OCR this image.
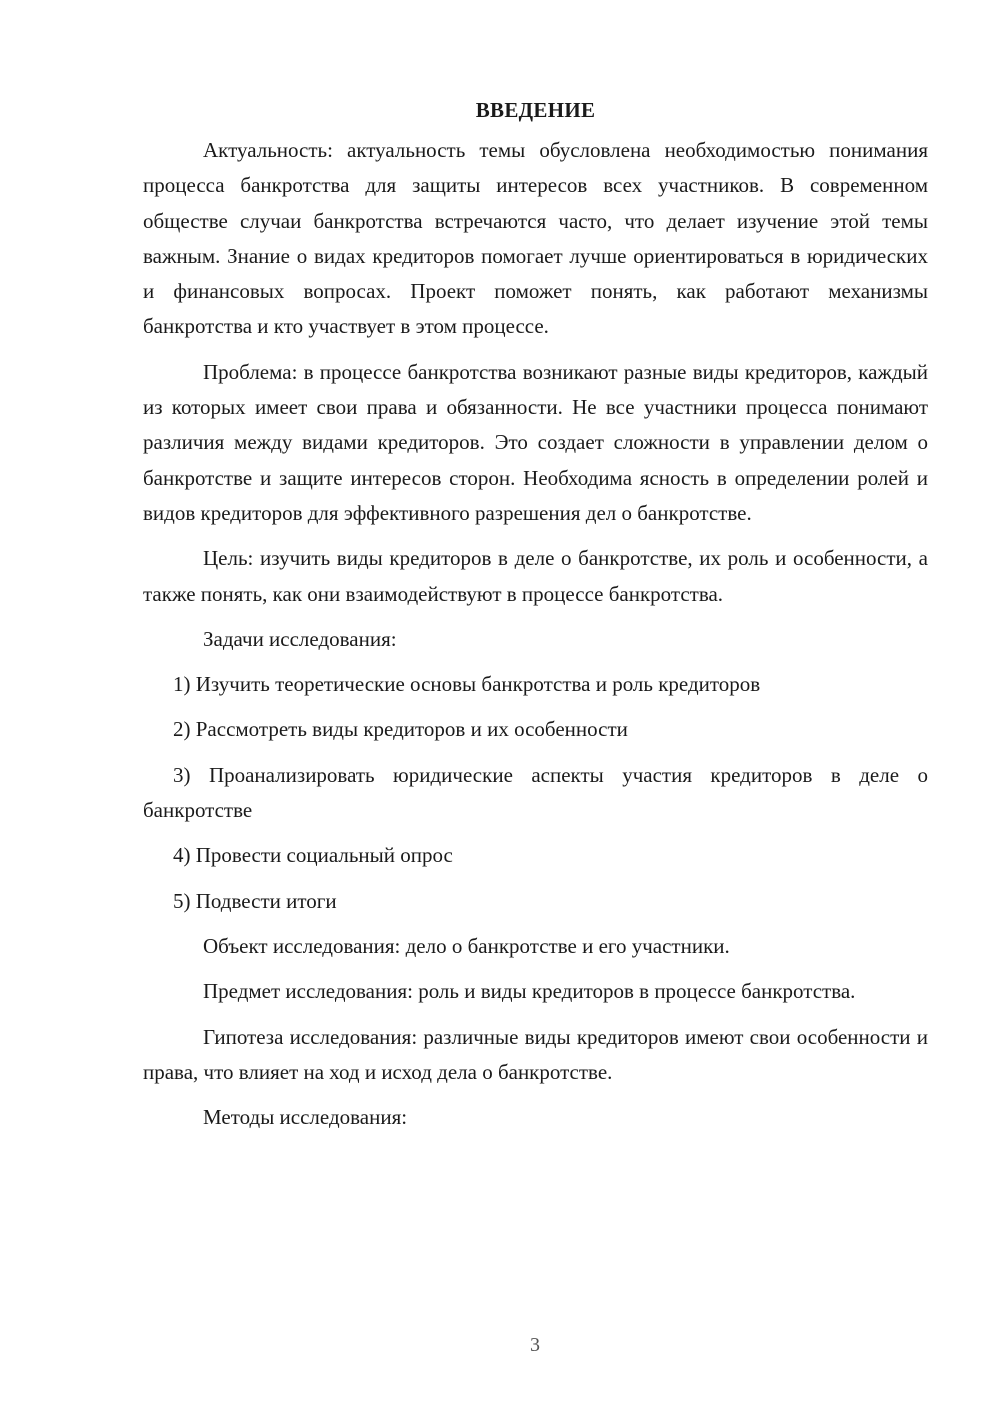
ВВЕДЕНИЕ

Актуальность: актуальность темы обусловлена необходимостью понимания процесса банкротства для защиты интересов всех участников. В современном обществе случаи банкротства встречаются часто, что делает изучение этой темы важным. Знание о видах кредиторов помогает лучше ориентироваться в юридических и финансовых вопросах. Проект поможет понять, как работают механизмы банкротства и кто участвует в этом процессе.

Проблема: в процессе банкротства возникают разные виды кредиторов, каждый из которых имеет свои права и обязанности. Не все участники процесса понимают различия между видами кредиторов. Это создает сложности в управлении делом о банкротстве и защите интересов сторон. Необходима ясность в определении ролей и видов кредиторов для эффективного разрешения дел о банкротстве.

Цель: изучить виды кредиторов в деле о банкротстве, их роль и особенности, а также понять, как они взаимодействуют в процессе банкротства.

Задачи исследования:

1) Изучить теоретические основы банкротства и роль кредиторов

2) Рассмотреть виды кредиторов и их особенности

3) Проанализировать юридические аспекты участия кредиторов в деле о банкротстве

4) Провести социальный опрос

5) Подвести итоги

Объект исследования: дело о банкротстве и его участники.

Предмет исследования: роль и виды кредиторов в процессе банкротства.

Гипотеза исследования: различные виды кредиторов имеют свои особенности и права, что влияет на ход и исход дела о банкротстве.

Методы исследования:

3
